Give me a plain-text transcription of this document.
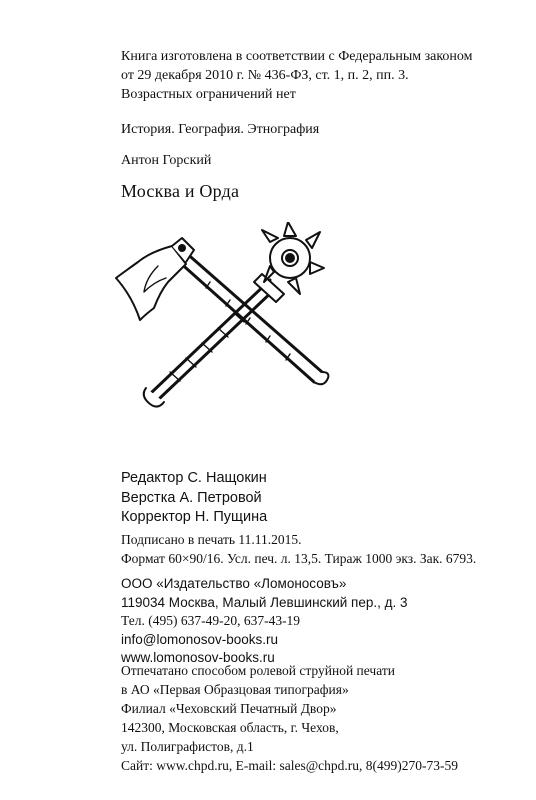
Книга изготовлена в соответствии с Федеральным законом
от 29 декабря 2010 г. № 436-ФЗ, ст. 1, п. 2, пп. 3.
Возрастных ограничений нет
История. География. Этнография
Антон Горский
Москва и Орда
Редактор С. Нащокин
Верстка А. Петровой
Корректор Н. Пущина
Подписано в печать 11.11.2015.
Формат 60×90/16. Усл. печ. л. 13,5. Тираж 1000 экз. Зак. 6793.
ООО «Издательство «Ломоносовъ»
119034 Москва, Малый Левшинский пер., д. 3
Тел. (495) 637-49-20, 637-43-19
info@lomonosov-books.ru
www.lomonosov-books.ru
Отпечатано способом ролевой струйной печати
в АО «Первая Образцовая типография»
Филиал «Чеховский Печатный Двор»
142300, Московская область, г. Чехов,
ул. Полиграфистов, д.1
Сайт: www.chpd.ru, E-mail: sales@chpd.ru, 8(499)270-73-59
